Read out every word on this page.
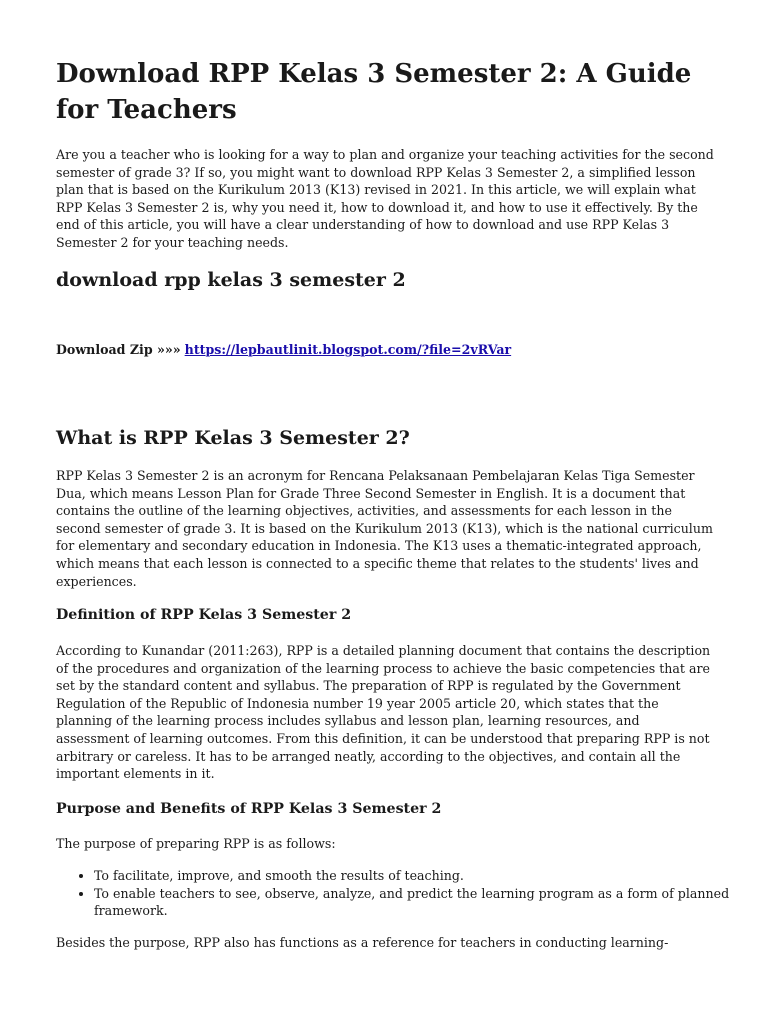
Download RPP Kelas 3 Semester 2: A Guide for Teachers

Are you a teacher who is looking for a way to plan and organize your teaching activities for the second semester of grade 3? If so, you might want to download RPP Kelas 3 Semester 2, a simplified lesson plan that is based on the Kurikulum 2013 (K13) revised in 2021. In this article, we will explain what RPP Kelas 3 Semester 2 is, why you need it, how to download it, and how to use it effectively. By the end of this article, you will have a clear understanding of how to download and use RPP Kelas 3 Semester 2 for your teaching needs.

download rpp kelas 3 semester 2
Download Zip »»» https://lepbautlinit.blogspot.com/?file=2vRVar
What is RPP Kelas 3 Semester 2?

RPP Kelas 3 Semester 2 is an acronym for Rencana Pelaksanaan Pembelajaran Kelas Tiga Semester Dua, which means Lesson Plan for Grade Three Second Semester in English. It is a document that contains the outline of the learning objectives, activities, and assessments for each lesson in the second semester of grade 3. It is based on the Kurikulum 2013 (K13), which is the national curriculum for elementary and secondary education in Indonesia. The K13 uses a thematic-integrated approach, which means that each lesson is connected to a specific theme that relates to the students' lives and experiences.

Definition of RPP Kelas 3 Semester 2

According to Kunandar (2011:263), RPP is a detailed planning document that contains the description of the procedures and organization of the learning process to achieve the basic competencies that are set by the standard content and syllabus. The preparation of RPP is regulated by the Government Regulation of the Republic of Indonesia number 19 year 2005 article 20, which states that the planning of the learning process includes syllabus and lesson plan, learning resources, and assessment of learning outcomes. From this definition, it can be understood that preparing RPP is not arbitrary or careless. It has to be arranged neatly, according to the objectives, and contain all the important elements in it.

Purpose and Benefits of RPP Kelas 3 Semester 2

The purpose of preparing RPP is as follows:

• To facilitate, improve, and smooth the results of teaching.
• To enable teachers to see, observe, analyze, and predict the learning program as a form of planned framework.

Besides the purpose, RPP also has functions as a reference for teachers in conducting learning-
